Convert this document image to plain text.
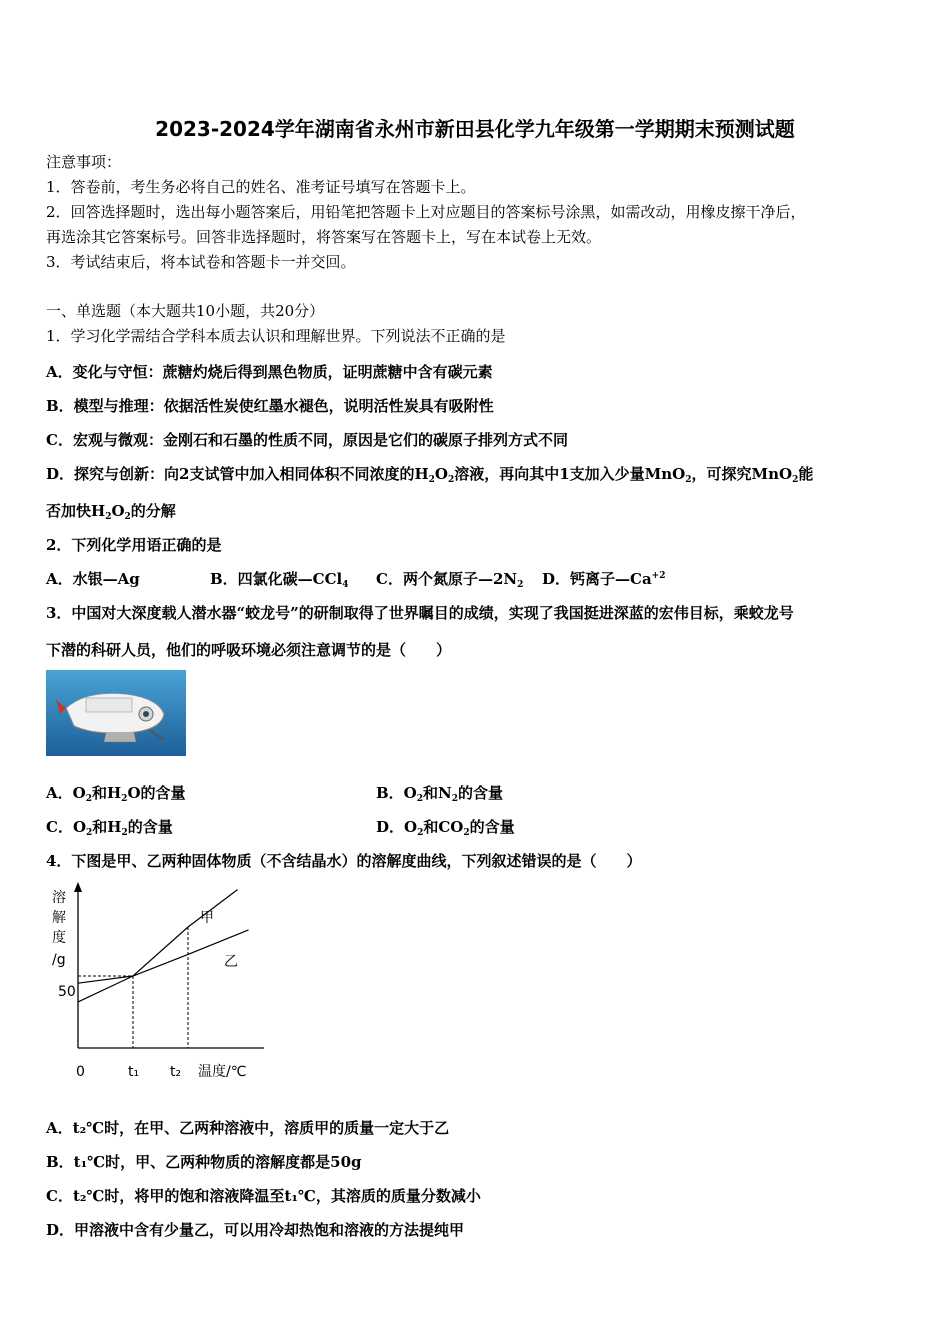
2023-2024学年湖南省永州市新田县化学九年级第一学期期末预测试题
注意事项：
1．答卷前，考生务必将自己的姓名、准考证号填写在答题卡上。
2．回答选择题时，选出每小题答案后，用铅笔把答题卡上对应题目的答案标号涂黑，如需改动，用橡皮擦干净后，
再选涂其它答案标号。回答非选择题时，将答案写在答题卡上，写在本试卷上无效。
3．考试结束后，将本试卷和答题卡一并交回。
一、单选题（本大题共10小题，共20分）
1．学习化学需结合学科本质去认识和理解世界。下列说法不正确的是
A．变化与守恒：蔗糖灼烧后得到黑色物质，证明蔗糖中含有碳元素
B．模型与推理：依据活性炭使红墨水褪色，说明活性炭具有吸附性
C．宏观与微观：金刚石和石墨的性质不同，原因是它们的碳原子排列方式不同
D．探究与创新：向2支试管中加入相同体积不同浓度的$H_2O_2$溶液，再向其中1支加入少量MnO$_2$，可探究MnO$_2$能
否加快$H_2O_2$的分解
2．下列化学用语正确的是
A．水银—Ag	B．四氯化碳—CCl$_4$ C．两个氮原子$—2N_2$ D．钙离子$—Ca^{+2}$
3．中国对大深度载人潜水器“蛟龙号”的研制取得了世界瞩目的成绩，实现了我国挺进深蓝的宏伟目标，乘蛟龙号
下潜的科研人员，他们的呼吸环境必须注意调节的是（　　）
A．$O_2$和$H_2O$的含量	B．$O_2$和$N_2$的含量
C．$O_2$和$H_2$的含量	D．$O_2$和$CO_2$的含量
4．下图是甲、乙两种固体物质（不含结晶水）的溶解度曲线，下列叙述错误的是（　　）
溶
解
度
/g
50
0	t₁ t₂ 温度/℃
甲
乙
A．t₂℃时，在甲、乙两种溶液中，溶质甲的质量一定大于乙
B．t₁℃时，甲、乙两种物质的溶解度都是50g
C．t₂℃时，将甲的饱和溶液降温至t₁℃，其溶质的质量分数减小
D．甲溶液中含有少量乙，可以用冷却热饱和溶液的方法提纯甲
